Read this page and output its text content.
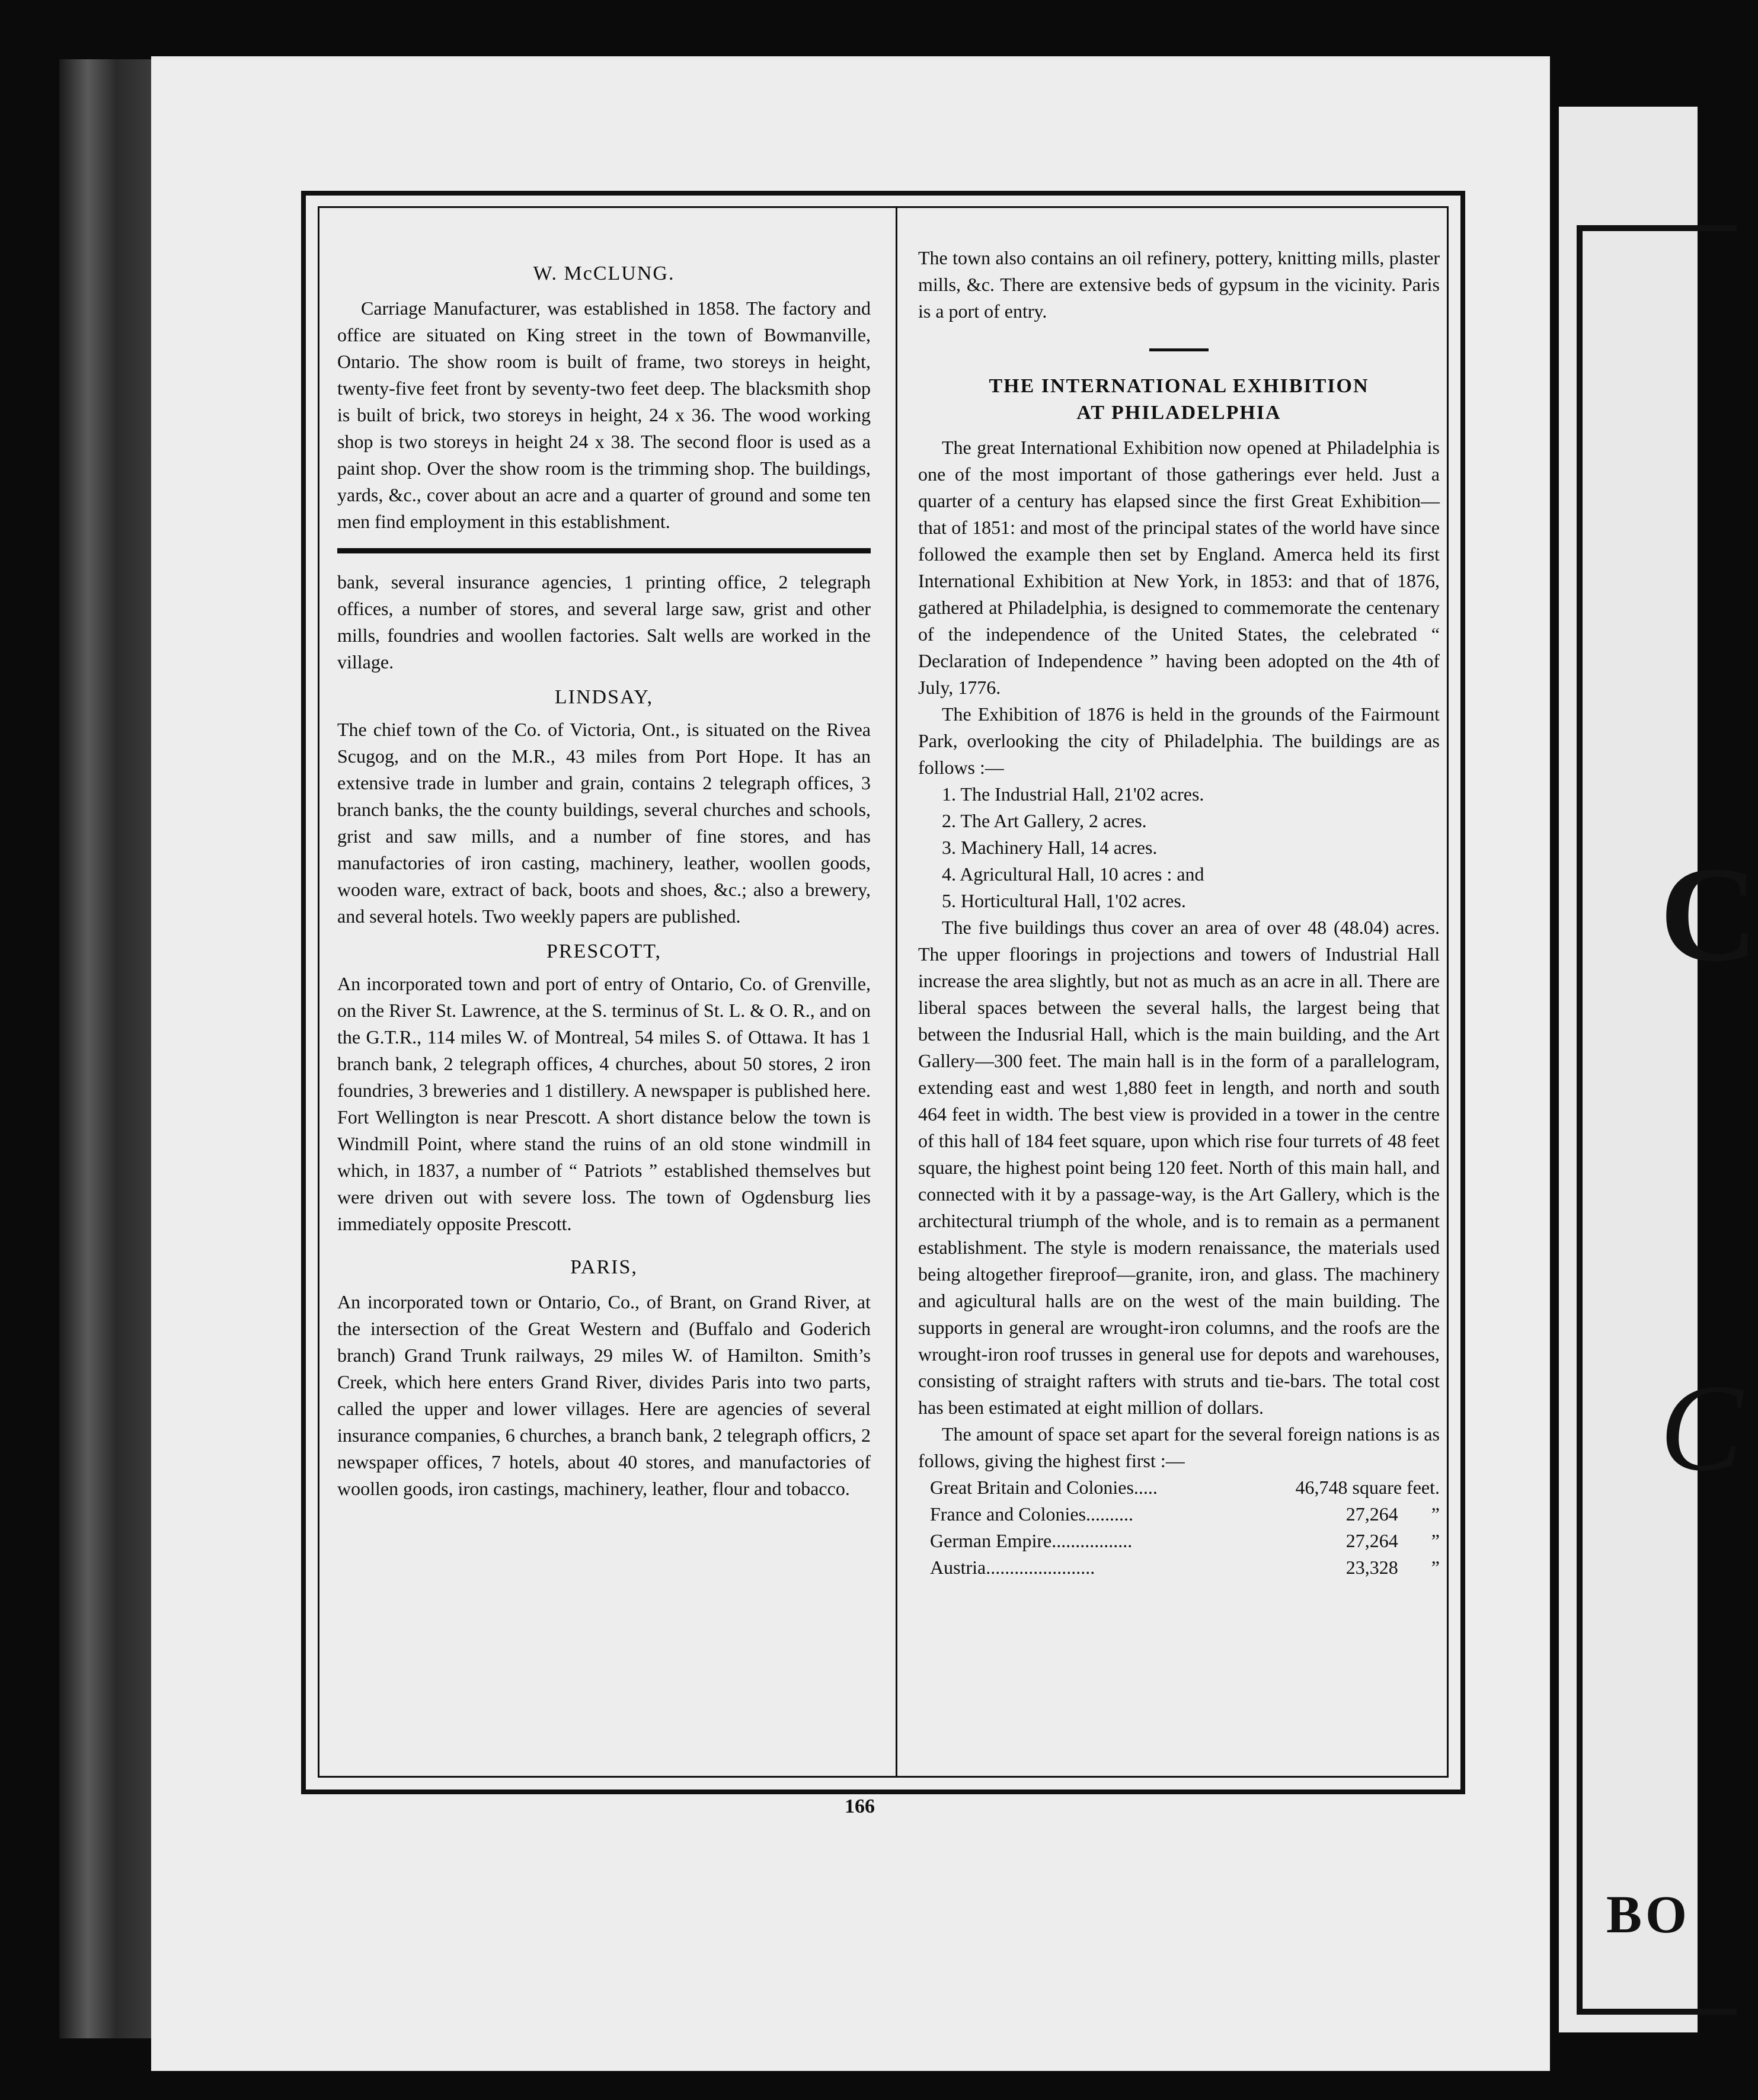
C
C
BO

W. McCLUNG.

Carriage Manufacturer, was established in 1858. The factory and office are situated on King street in the town of Bowmanville, Ontario. The show room is built of frame, two storeys in height, twenty-five feet front by seventy-two feet deep. The blacksmith shop is built of brick, two storeys in height, 24 x 36. The wood working shop is two storeys in height 24 x 38. The second floor is used as a paint shop. Over the show room is the trimming shop. The buildings, yards, &c., cover about an acre and a quarter of ground and some ten men find employment in this establishment.

bank, several insurance agencies, 1 printing office, 2 telegraph offices, a number of stores, and several large saw, grist and other mills, foundries and woollen factories. Salt wells are worked in the village.

LINDSAY,

The chief town of the Co. of Victoria, Ont., is situated on the Rivea Scugog, and on the M.R., 43 miles from Port Hope. It has an extensive trade in lumber and grain, contains 2 telegraph offices, 3 branch banks, the the county buildings, several churches and schools, grist and saw mills, and a number of fine stores, and has manufactories of iron casting, machinery, leather, woollen goods, wooden ware, extract of back, boots and shoes, &c.; also a brewery, and several hotels. Two weekly papers are published.

PRESCOTT,

An incorporated town and port of entry of Ontario, Co. of Grenville, on the River St. Lawrence, at the S. terminus of St. L. & O. R., and on the G.T.R., 114 miles W. of Montreal, 54 miles S. of Ottawa. It has 1 branch bank, 2 telegraph offices, 4 churches, about 50 stores, 2 iron foundries, 3 breweries and 1 distillery. A newspaper is published here. Fort Wellington is near Prescott. A short distance below the town is Windmill Point, where stand the ruins of an old stone windmill in which, in 1837, a number of “ Patriots ” established themselves but were driven out with severe loss. The town of Ogdensburg lies immediately opposite Prescott.

PARIS,

An incorporated town or Ontario, Co., of Brant, on Grand River, at the intersection of the Great Western and (Buffalo and Goderich branch) Grand Trunk railways, 29 miles W. of Hamilton. Smith’s Creek, which here enters Grand River, divides Paris into two parts, called the upper and lower villages. Here are agencies of several insurance companies, 6 churches, a branch bank, 2 telegraph officrs, 2 newspaper offices, 7 hotels, about 40 stores, and manufactories of woollen goods, iron castings, machinery, leather, flour and tobacco.

The town also contains an oil refinery, pottery, knitting mills, plaster mills, &c. There are extensive beds of gypsum in the vicinity. Paris is a port of entry.

THE INTERNATIONAL EXHIBITION

AT PHILADELPHIA

The great International Exhibition now opened at Philadelphia is one of the most important of those gatherings ever held. Just a quarter of a century has elapsed since the first Great Exhibition—that of 1851: and most of the principal states of the world have since followed the example then set by England. Amerca held its first International Exhibition at New York, in 1853: and that of 1876, gathered at Philadelphia, is designed to commemorate the centenary of the independence of the United States, the celebrated “ Declaration of Independence ” having been adopted on the 4th of July, 1776.

The Exhibition of 1876 is held in the grounds of the Fairmount Park, overlooking the city of Philadelphia. The buildings are as follows :—

1. The Industrial Hall, 21'02 acres.

2. The Art Gallery, 2 acres.

3. Machinery Hall, 14 acres.

4. Agricultural Hall, 10 acres : and

5. Horticultural Hall, 1'02 acres.

The five buildings thus cover an area of over 48 (48.04) acres. The upper floorings in projections and towers of Industrial Hall increase the area slightly, but not as much as an acre in all. There are liberal spaces between the several halls, the largest being that between the Indusrial Hall, which is the main building, and the Art Gallery—300 feet. The main hall is in the form of a parallelogram, extending east and west 1,880 feet in length, and north and south 464 feet in width. The best view is provided in a tower in the centre of this hall of 184 feet square, upon which rise four turrets of 48 feet square, the highest point being 120 feet. North of this main hall, and connected with it by a passage-way, is the Art Gallery, which is the architectural triumph of the whole, and is to remain as a permanent establishment. The style is modern renaissance, the materials used being altogether fireproof—granite, iron, and glass. The machinery and agicultural halls are on the west of the main building. The supports in general are wrought-iron columns, and the roofs are the wrought-iron roof trusses in general use for depots and warehouses, consisting of straight rafters with struts and tie-bars. The total cost has been estimated at eight million of dollars.

The amount of space set apart for the several foreign nations is as follows, giving the highest first :—

Great Britain and Colonies.....	46,748 square feet.
France and Colonies..........	27,264       ”
German Empire.................	27,264       ”
Austria.......................	23,328       ”
166
